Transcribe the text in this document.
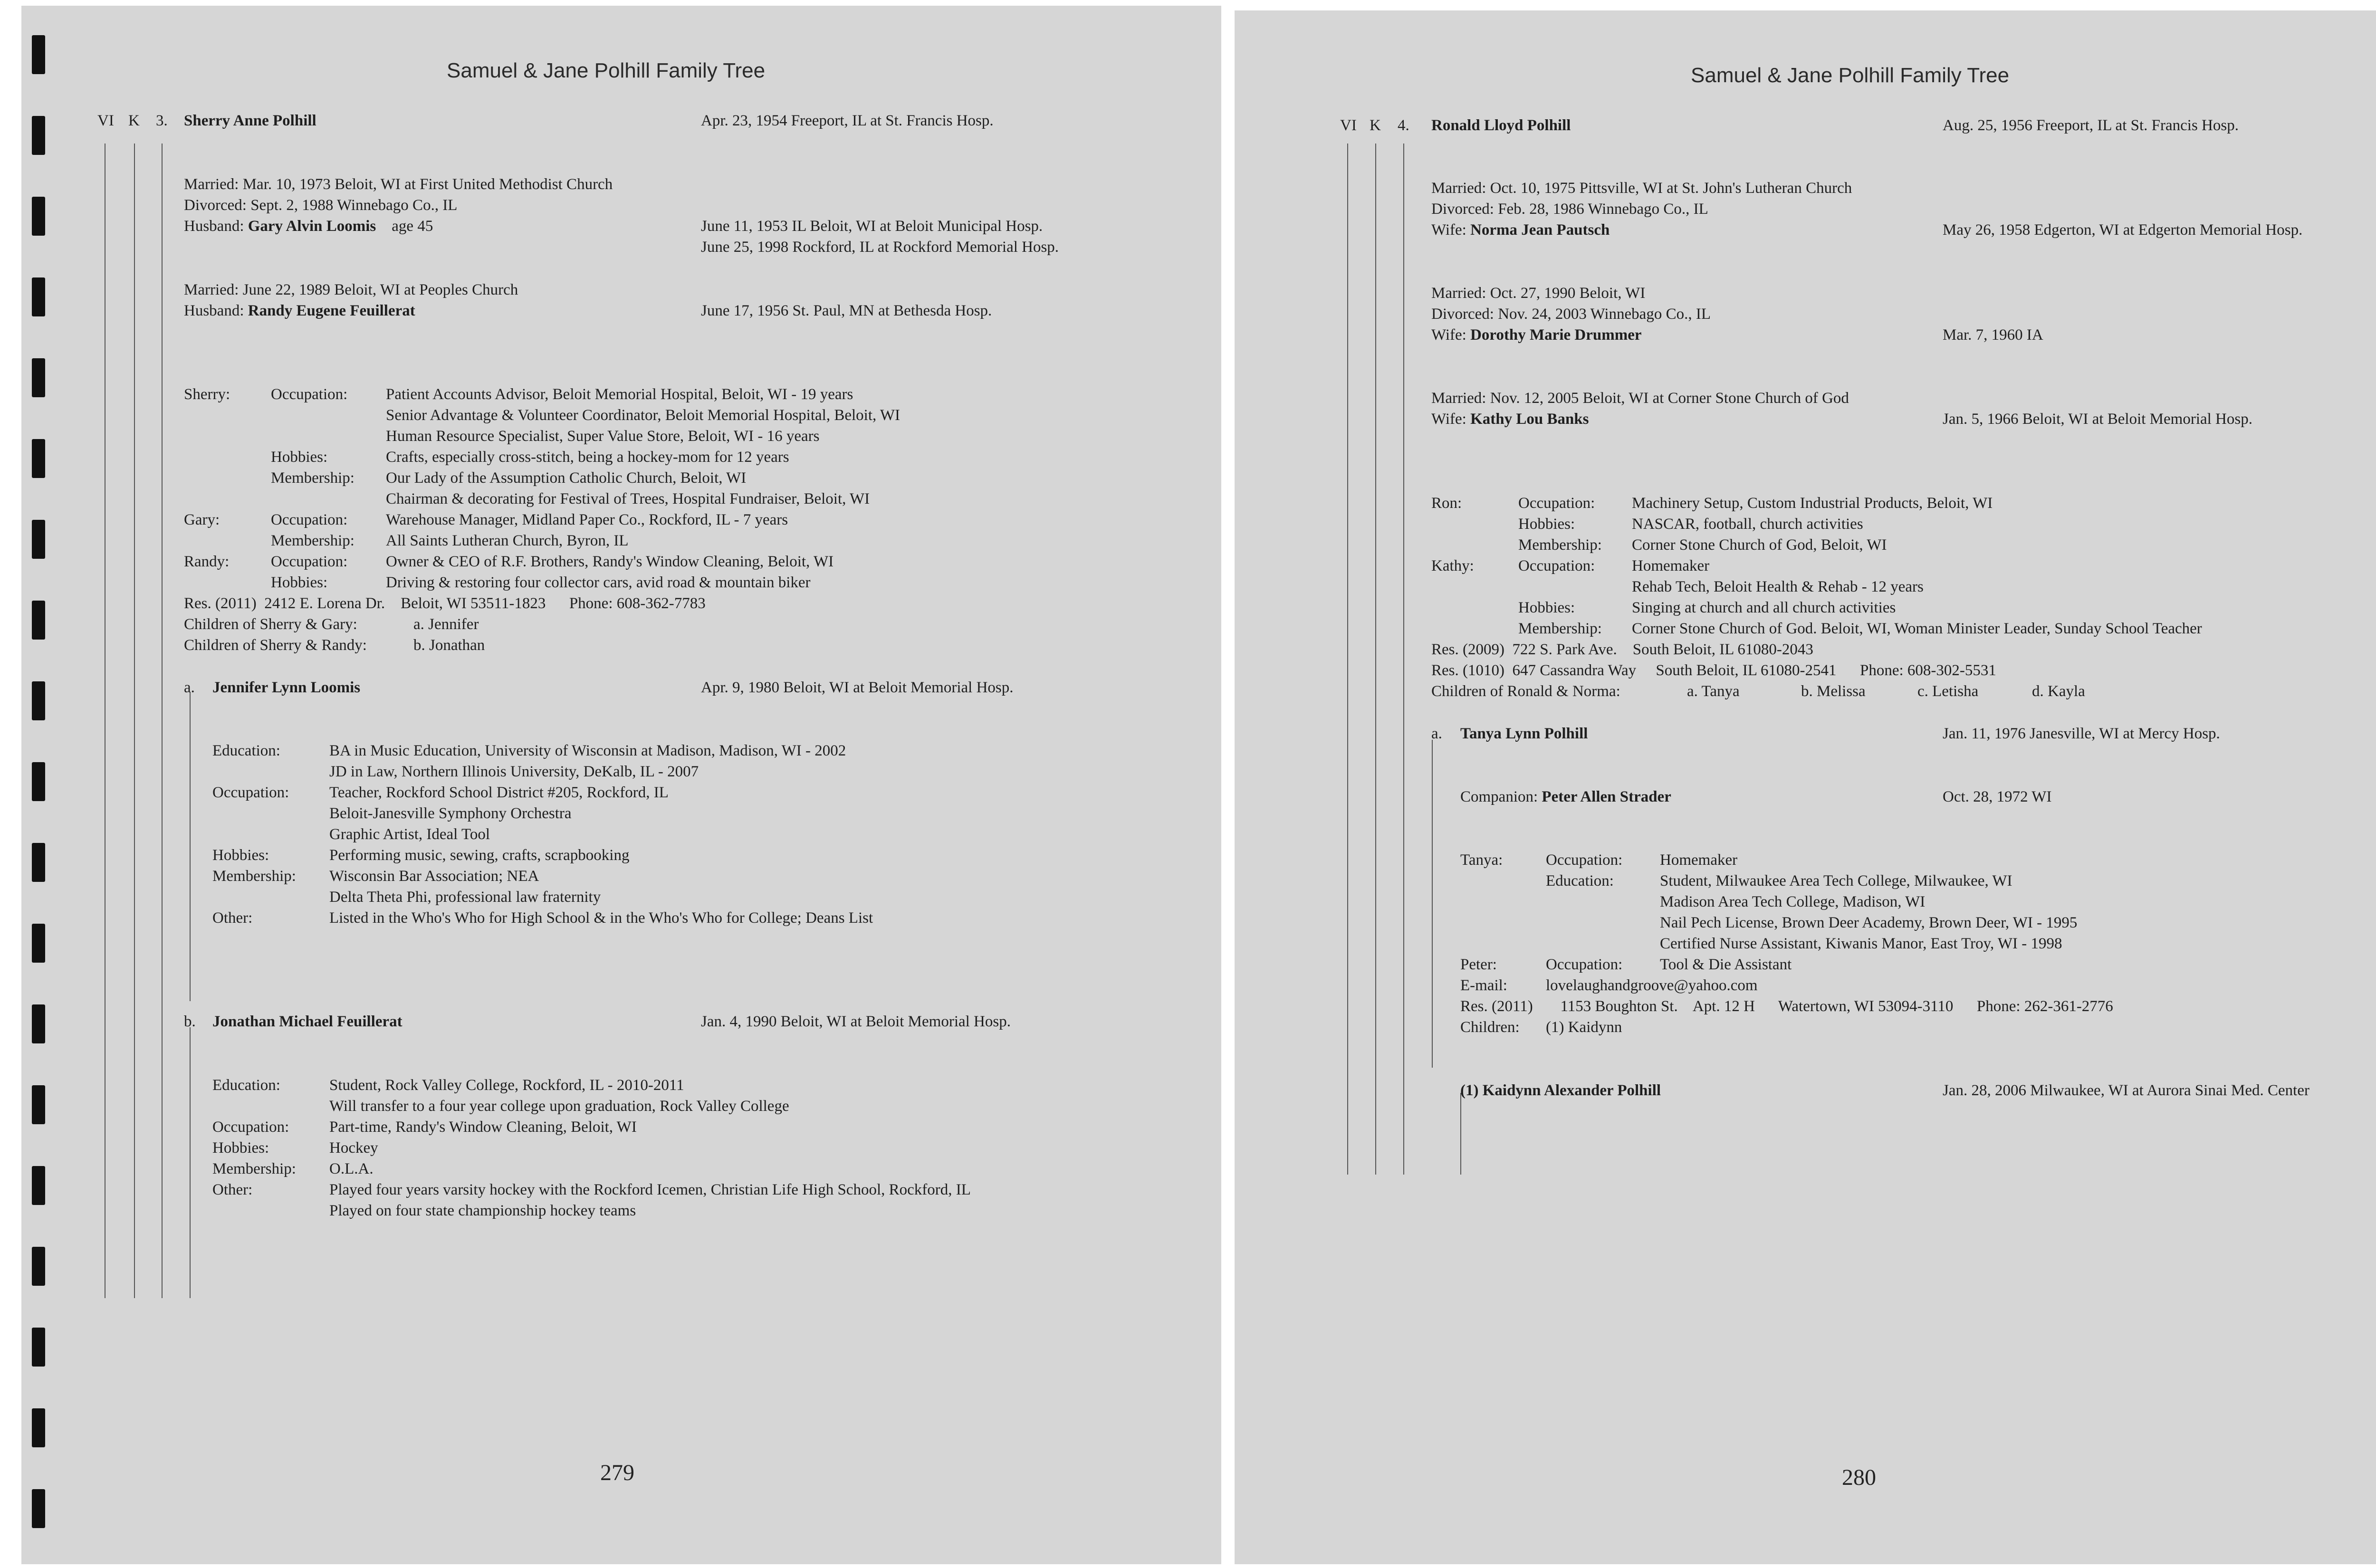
Samuel & Jane Polhill Family Tree
VI K 3. Sherry Anne Polhill	Apr. 23, 1954 Freeport, IL at St. Francis Hosp.
Married: Mar. 10, 1973 Beloit, WI at First United Methodist Church
Divorced: Sept. 2, 1988 Winnebago Co., IL
Husband: Gary Alvin Loomis age 45	June 11, 1953 IL Beloit, WI at Beloit Municipal Hosp.
June 25, 1998 Rockford, IL at Rockford Memorial Hosp.
Married: June 22, 1989 Beloit, WI at Peoples Church
Husband: Randy Eugene Feuillerat	June 17, 1956 St. Paul, MN at Bethesda Hosp.
Sherry:	Occupation: Patient Accounts Advisor, Beloit Memorial Hospital, Beloit, WI - 19 years
Senior Advantage & Volunteer Coordinator, Beloit Memorial Hospital, Beloit, WI
Human Resource Specialist, Super Value Store, Beloit, WI - 16 years
Hobbies:	Crafts, especially cross-stitch, being a hockey-mom for 12 years
Membership: Our Lady of the Assumption Catholic Church, Beloit, WI
Chairman & decorating for Festival of Trees, Hospital Fundraiser, Beloit, WI
Gary:	Occupation: Warehouse Manager, Midland Paper Co., Rockford, IL - 7 years
Membership: All Saints Lutheran Church, Byron, IL
Randy:	Occupation: Owner & CEO of R.F. Brothers, Randy's Window Cleaning, Beloit, WI
Hobbies:	Driving & restoring four collector cars, avid road & mountain biker
Res. (2011)  2412 E. Lorena Dr.    Beloit, WI 53511-1823      Phone: 608-362-7783
Children of Sherry & Gary:	a. Jennifer
Children of Sherry & Randy:	b. Jonathan
a. Jennifer Lynn Loomis	Apr. 9, 1980 Beloit, WI at Beloit Memorial Hosp.
Education:	BA in Music Education, University of Wisconsin at Madison, Madison, WI - 2002
JD in Law, Northern Illinois University, DeKalb, IL - 2007
Occupation:	Teacher, Rockford School District #205, Rockford, IL
Beloit-Janesville Symphony Orchestra
Graphic Artist, Ideal Tool
Hobbies:	Performing music, sewing, crafts, scrapbooking
Membership: Wisconsin Bar Association; NEA
Delta Theta Phi, professional law fraternity
Other:	Listed in the Who's Who for High School & in the Who's Who for College; Deans List
b. Jonathan Michael Feuillerat	Jan. 4, 1990 Beloit, WI at Beloit Memorial Hosp.
Education:	Student, Rock Valley College, Rockford, IL - 2010-2011
Will transfer to a four year college upon graduation, Rock Valley College
Occupation:	Part-time, Randy's Window Cleaning, Beloit, WI
Hobbies:	Hockey
Membership: O.L.A.
Other:	Played four years varsity hockey with the Rockford Icemen, Christian Life High School, Rockford, IL
Played on four state championship hockey teams
279
Samuel & Jane Polhill Family Tree
VI K 4. Ronald Lloyd Polhill	Aug. 25, 1956 Freeport, IL at St. Francis Hosp.
Married: Oct. 10, 1975 Pittsville, WI at St. John's Lutheran Church
Divorced: Feb. 28, 1986 Winnebago Co., IL
Wife: Norma Jean Pautsch	May 26, 1958 Edgerton, WI at Edgerton Memorial Hosp.
Married: Oct. 27, 1990 Beloit, WI
Divorced: Nov. 24, 2003 Winnebago Co., IL
Wife: Dorothy Marie Drummer	Mar. 7, 1960 IA
Married: Nov. 12, 2005 Beloit, WI at Corner Stone Church of God
Wife: Kathy Lou Banks	Jan. 5, 1966 Beloit, WI at Beloit Memorial Hosp.
Ron:	Occupation: Machinery Setup, Custom Industrial Products, Beloit, WI
Hobbies:	NASCAR, football, church activities
Membership: Corner Stone Church of God, Beloit, WI
Kathy:	Occupation: Homemaker
Rehab Tech, Beloit Health & Rehab - 12 years
Hobbies:	Singing at church and all church activities
Membership: Corner Stone Church of God. Beloit, WI, Woman Minister Leader, Sunday School Teacher
Res. (2009)  722 S. Park Ave.    South Beloit, IL 61080-2043
Res. (1010)  647 Cassandra Way     South Beloit, IL 61080-2541      Phone: 608-302-5531
Children of Ronald & Norma:	a. Tanya	b. Melissa	c. Letisha	d. Kayla
a. Tanya Lynn Polhill	Jan. 11, 1976 Janesville, WI at Mercy Hosp.
Companion: Peter Allen Strader	Oct. 28, 1972 WI
Tanya:	Occupation: Homemaker
Education:	Student, Milwaukee Area Tech College, Milwaukee, WI
Madison Area Tech College, Madison, WI
Nail Pech License, Brown Deer Academy, Brown Deer, WI - 1995
Certified Nurse Assistant, Kiwanis Manor, East Troy, WI - 1998
Peter:	Occupation: Tool & Die Assistant
E-mail: lovelaughandgroove@yahoo.com
Res. (2011)       1153 Boughton St.    Apt. 12 H      Watertown, WI 53094-3110      Phone: 262-361-2776
Children: (1) Kaidynn
(1) Kaidynn Alexander Polhill	Jan. 28, 2006 Milwaukee, WI at Aurora Sinai Med. Center
280
